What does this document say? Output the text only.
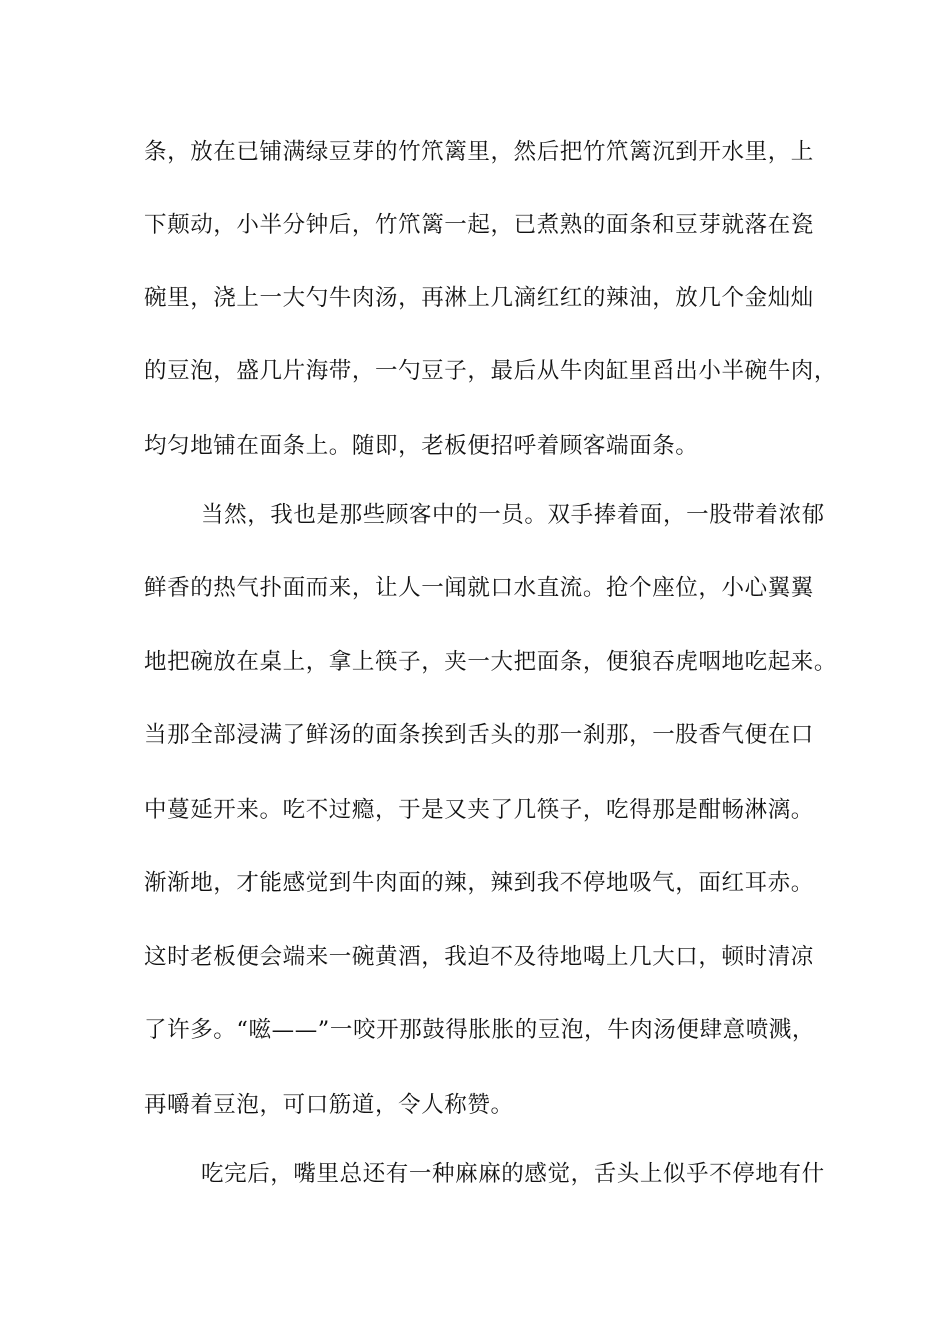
条，放在已铺满绿豆芽的竹笊篱里，然后把竹笊篱沉到开水里，上
下颠动，小半分钟后，竹笊篱一起，已煮熟的面条和豆芽就落在瓷
碗里，浇上一大勺牛肉汤，再淋上几滴红红的辣油，放几个金灿灿
的豆泡，盛几片海带，一勺豆子，最后从牛肉缸里舀出小半碗牛肉，
均匀地铺在面条上。随即，老板便招呼着顾客端面条。
当然，我也是那些顾客中的一员。双手捧着面，一股带着浓郁
鲜香的热气扑面而来，让人一闻就口水直流。抢个座位，小心翼翼
地把碗放在桌上，拿上筷子，夹一大把面条，便狼吞虎咽地吃起来。
当那全部浸满了鲜汤的面条挨到舌头的那一刹那，一股香气便在口
中蔓延开来。吃不过瘾，于是又夹了几筷子，吃得那是酣畅淋漓。
渐渐地，才能感觉到牛肉面的辣，辣到我不停地吸气，面红耳赤。
这时老板便会端来一碗黄酒，我迫不及待地喝上几大口，顿时清凉
了许多。“嗞——”一咬开那鼓得胀胀的豆泡，牛肉汤便肆意喷溅，
再嚼着豆泡，可口筋道，令人称赞。
吃完后，嘴里总还有一种麻麻的感觉，舌头上似乎不停地有什
